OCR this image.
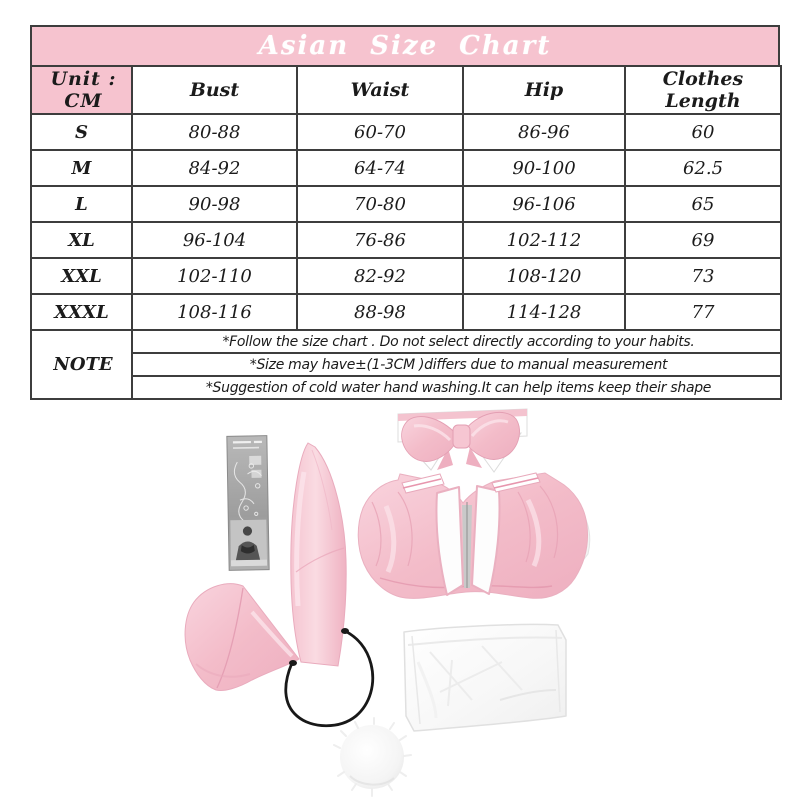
Asian Size Chart
Unit : CM	Bust	Waist	Hip	Clothes Length
S	80-88	60-70	86-96	60
M	84-92	64-74	90-100	62.5
L	90-98	70-80	96-106	65
XL	96-104	76-86	102-112	69
XXL	102-110	82-92	108-120	73
XXXL	108-116	88-98	114-128	77
NOTE	*Follow the size chart . Do not select directly according to your habits.			
	*Size may have±(1-3CM )differs due to manual measurement			
	*Suggestion of cold water hand washing.It can help items keep their shape			
